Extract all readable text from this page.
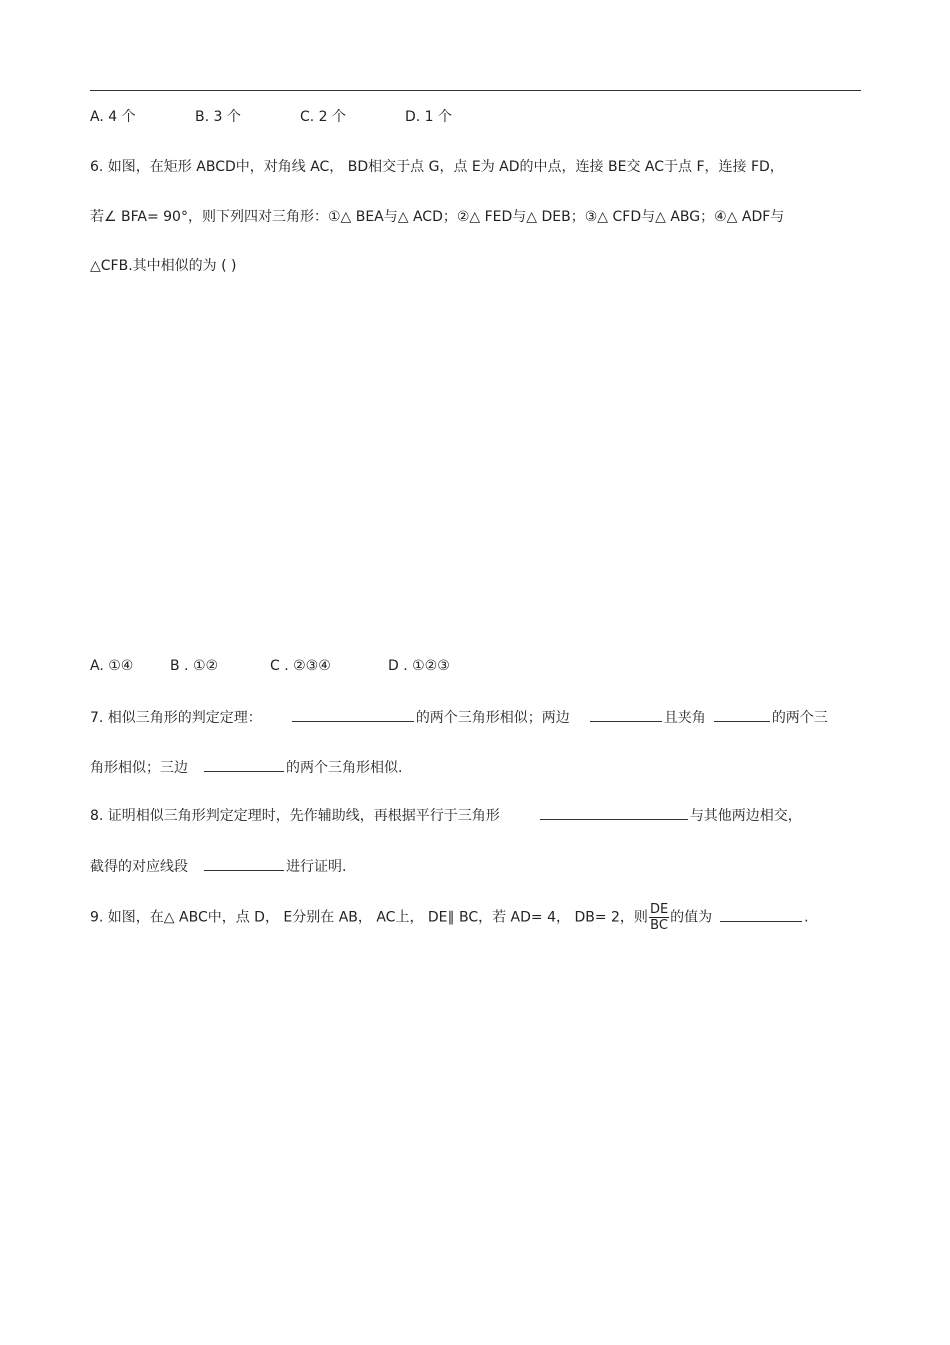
A. 4 个	B. 3 个	C. 2 个	D. 1 个
6. 如图，在矩形 ABCD中，对角线 AC， BD相交于点 G，点 E为 AD的中点，连接 BE交 AC于点 F，连接 FD，
若∠ BFA= 90°，则下列四对三角形：①△ BEA与△ ACD；②△ FED与△ DEB；③△ CFD与△ ABG；④△ ADF与
△CFB.其中相似的为 ( )
A. ①④	B . ①②	C . ②③④	D . ①②③
7. 相似三角形的判定定理：	的两个三角形相似；两边	且夹角	的两个三
角形相似；三边	的两个三角形相似.
8. 证明相似三角形判定定理时，先作辅助线，再根据平行于三角形	与其他两边相交，
截得的对应线段	进行证明.
9. 如图，在△ ABC中，点 D， E分别在 AB， AC上， DE∥ BC，若 AD= 4， DB= 2，则 $\frac{DE}{BC}$ 的值为	.
